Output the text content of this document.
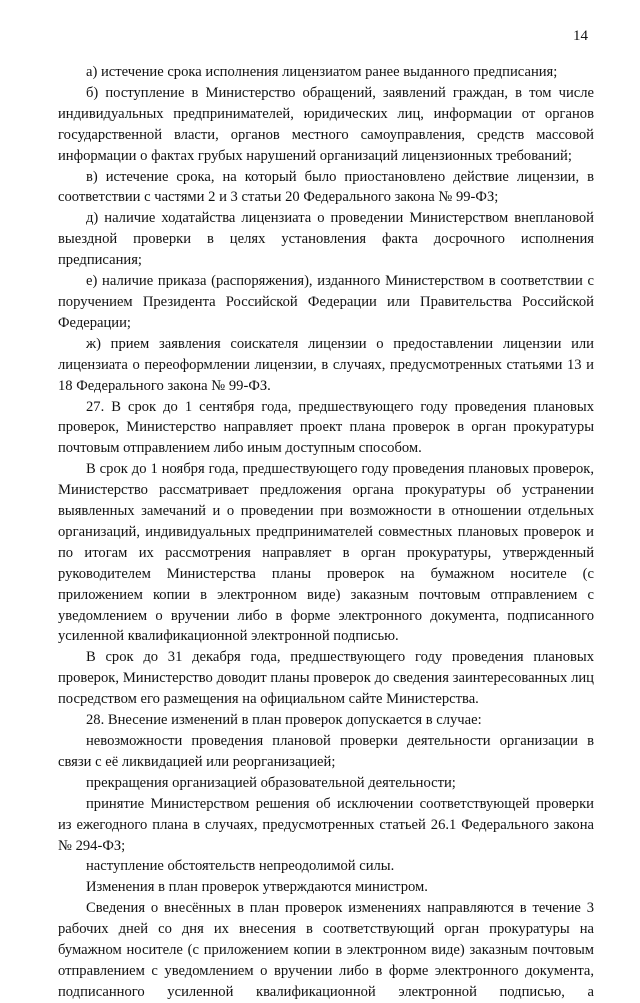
14

а) истечение срока исполнения лицензиатом ранее выданного предписания;

б) поступление в Министерство обращений, заявлений граждан, в том числе индивидуальных предпринимателей, юридических лиц, информации от органов государственной власти, органов местного самоуправления, средств массовой информации о фактах грубых нарушений организаций лицензионных требований;

в) истечение срока, на который было приостановлено действие лицензии, в соответствии с частями 2 и 3 статьи 20 Федерального закона № 99-ФЗ;

д) наличие ходатайства лицензиата о проведении Министерством внеплановой выездной проверки в целях установления факта досрочного исполнения предписания;

е) наличие приказа (распоряжения), изданного Министерством в соответствии с поручением Президента Российской Федерации или Правительства Российской Федерации;

ж) прием заявления соискателя лицензии о предоставлении лицензии или лицензиата о переоформлении лицензии, в случаях, предусмотренных статьями 13 и 18 Федерального закона № 99-ФЗ.

27. В срок до 1 сентября года, предшествующего году проведения плановых проверок, Министерство направляет проект плана проверок в орган прокуратуры почтовым отправлением либо иным доступным способом.

В срок до 1 ноября года, предшествующего году проведения плановых проверок, Министерство рассматривает предложения органа прокуратуры об устранении выявленных замечаний и о проведении при возможности в отношении отдельных организаций, индивидуальных предпринимателей совместных плановых проверок и по итогам их рассмотрения направляет в орган прокуратуры, утвержденный руководителем Министерства планы проверок на бумажном носителе (с приложением копии в электронном виде) заказным почтовым отправлением с уведомлением о вручении либо в форме электронного документа, подписанного усиленной квалификационной электронной подписью.

В срок до 31 декабря года, предшествующего году проведения плановых проверок, Министерство доводит планы проверок до сведения заинтересованных лиц посредством его размещения на официальном сайте Министерства.

28. Внесение изменений в план проверок допускается в случае:

невозможности проведения плановой проверки деятельности организации в связи с её ликвидацией или реорганизацией;

прекращения организацией образовательной деятельности;

принятие Министерством решения об исключении соответствующей проверки из ежегодного плана в случаях, предусмотренных статьей 26.1 Федерального закона № 294-ФЗ;

наступление обстоятельств непреодолимой силы.

Изменения в план проверок утверждаются министром.

Сведения о внесённых в план проверок изменениях направляются в течение 3 рабочих дней со дня их внесения в соответствующий орган прокуратуры на бумажном носителе (с приложением копии в электронном виде) заказным почтовым отправлением с уведомлением о вручении либо в форме электронного документа, подписанного усиленной квалификационной электронной подписью, а
